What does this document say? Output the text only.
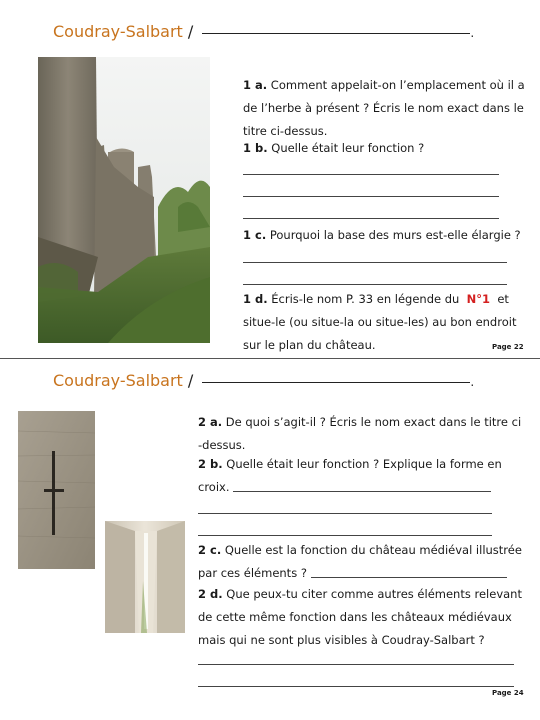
Coudray-Salbart /	.
1 a. Comment appelait-on l’emplacement où il a
de l’herbe à présent ? Écris le nom exact dans le
titre ci-dessus.
1 b. Quelle était leur fonction ?
1 c. Pourquoi la base des murs est-elle élargie ?
1 d. Écris-le nom P. 33 en légende du N°1 et
situe-le (ou situe-la ou situe-les) au bon endroit
sur le plan du château.	Page 22
Coudray-Salbart /	.
2 a. De quoi s’agit-il ? Écris le nom exact dans le titre ci
-dessus.
2 b. Quelle était leur fonction ? Explique la forme en
croix.
2 c. Quelle est la fonction du château médiéval illustrée
par ces éléments ?
2 d. Que peux-tu citer comme autres éléments relevant
de cette même fonction dans les châteaux médiévaux
mais qui ne sont plus visibles à Coudray-Salbart ?
Page 24
